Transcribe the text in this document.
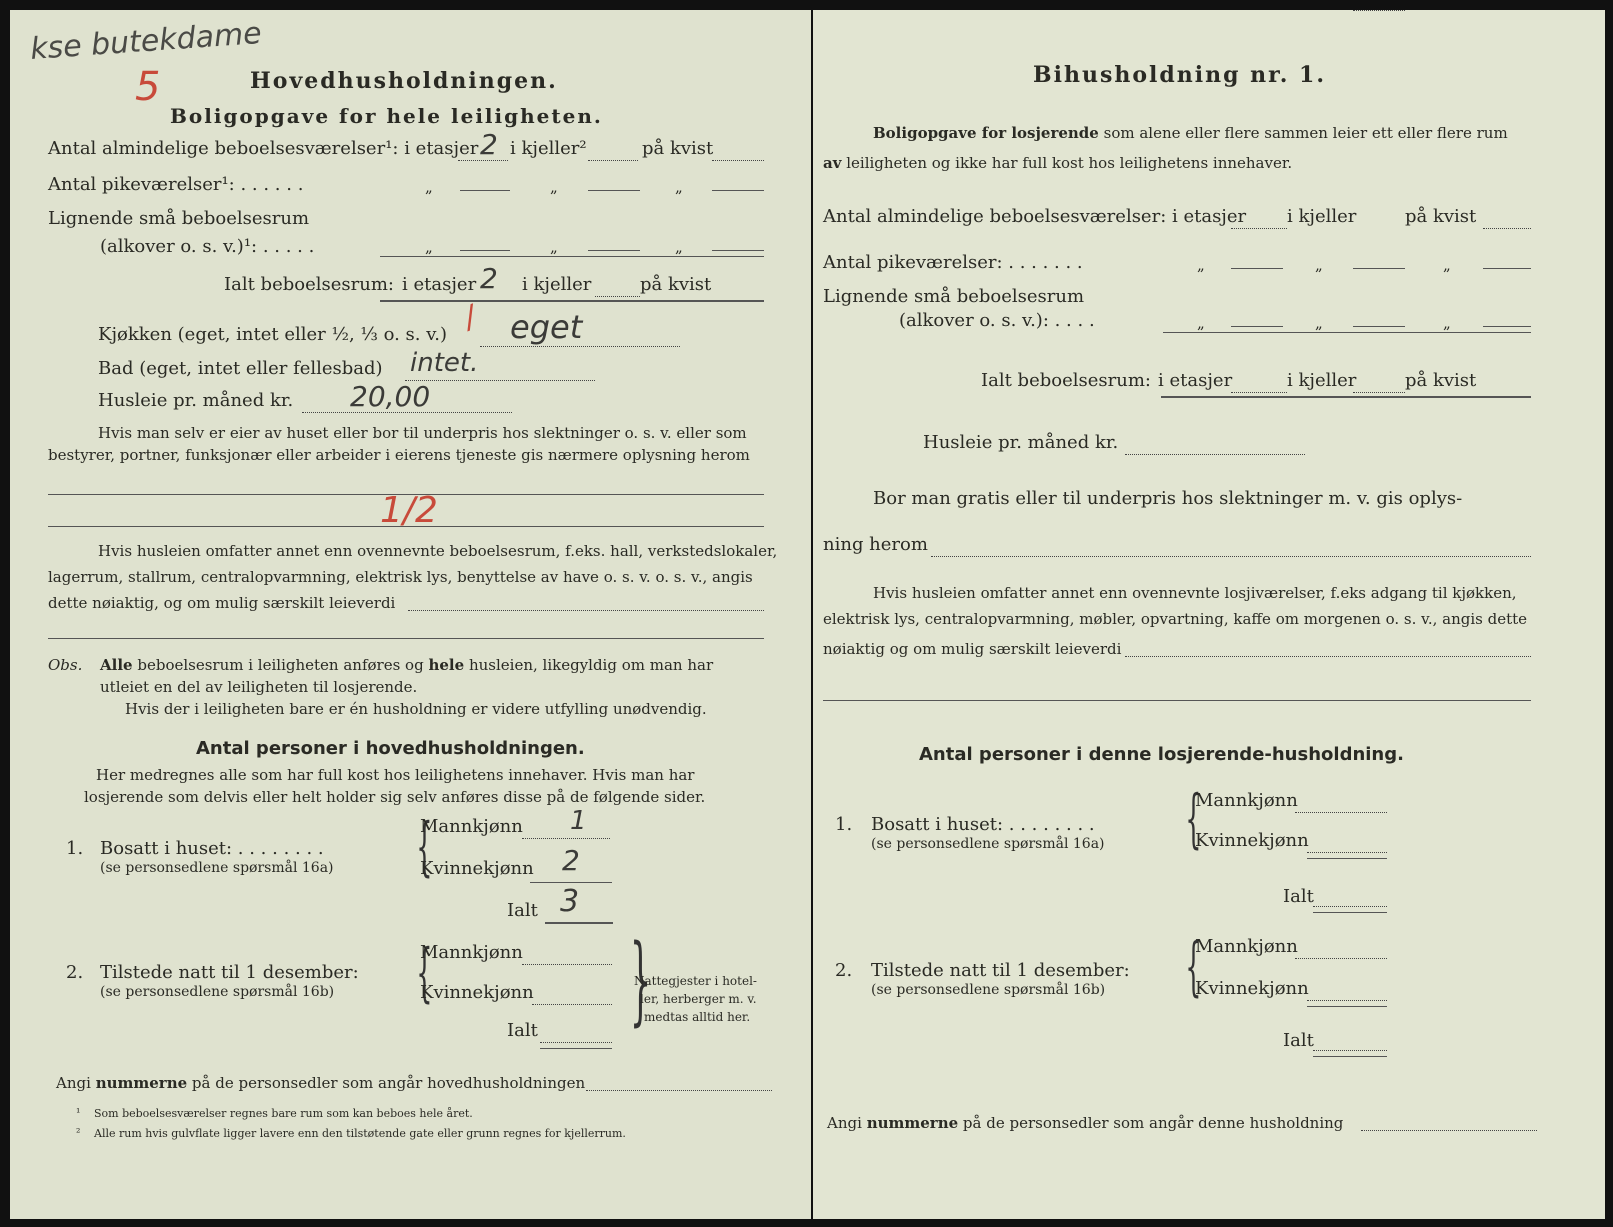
kse butekdame
5	Hovedhusholdningen.
Boligopgave for hele leiligheten.
Antal almindelige beboelsesværelser¹: i etasjer 2 i kjeller²	på kvist
Antal pikeværelser¹: . . . . . .	„	„	„
Lignende små beboelsesrum
(alkover o. s. v.)¹: . . . . .	„	„	„
Ialt beboelsesrum: i etasjer 2 i kjeller	på kvist
/
Kjøkken (eget, intet eller ½, ⅓ o. s. v.) eget
Bad (eget, intet eller fellesbad) intet.
Husleie pr. måned kr. 20,00
Hvis man selv er eier av huset eller bor til underpris hos slektninger o. s. v. eller som
bestyrer, portner, funksjonær eller arbeider i eierens tjeneste gis nærmere oplysning herom
1/2
Hvis husleien omfatter annet enn ovennevnte beboelsesrum, f.eks. hall, verkstedslokaler,
lagerrum, stallrum, centralopvarmning, elektrisk lys, benyttelse av have o. s. v. o. s. v., angis
dette nøiaktig, og om mulig særskilt leieverdi
Obs. Alle beboelsesrum i leiligheten anføres og hele husleien, likegyldig om man har
utleiet en del av leiligheten til losjerende.
Hvis der i leiligheten bare er én husholdning er videre utfylling unødvendig.
Antal personer i hovedhusholdningen.
Her medregnes alle som har full kost hos leilighetens innehaver. Hvis man har
losjerende som delvis eller helt holder sig selv anføres disse på de følgende sider.
1. Bosatt i huset: . . . . . . . .
(se personsedlene spørsmål 16a) {
Mannkjønn 1
Kvinnekjønn 2
Ialt 3
2. Tilstede natt til 1 desember:
(se personsedlene spørsmål 16b) {
Mannkjønn
Kvinnekjønn
Ialt }
Nattegjester i hotel-
ler, herberger m. v.
medtas alltid her.
Angi nummerne på de personsedler som angår hovedhusholdningen
¹ Som beboelsesværelser regnes bare rum som kan beboes hele året.
² Alle rum hvis gulvflate ligger lavere enn den tilstøtende gate eller grunn regnes for kjellerrum.
Bihusholdning nr. 1.
Boligopgave for losjerende som alene eller flere sammen leier ett eller flere rum
av leiligheten og ikke har full kost hos leilighetens innehaver.
Antal almindelige beboelsesværelser: i etasjer i kjeller	på kvist
Antal pikeværelser: . . . . . . .	„	„	„
Lignende små beboelsesrum
(alkover o. s. v.): . . . .	„	„	„
Ialt beboelsesrum: i etasjer	i kjeller	på kvist
Husleie pr. måned kr.
Bor man gratis eller til underpris hos slektninger m. v. gis oplys-
ning herom
Hvis husleien omfatter annet enn ovennevnte losjiværelser, f.eks adgang til kjøkken,
elektrisk lys, centralopvarmning, møbler, opvartning, kaffe om morgenen o. s. v., angis dette
nøiaktig og om mulig særskilt leieverdi
Antal personer i denne losjerende-husholdning.
1. Bosatt i huset: . . . . . . . .
(se personsedlene spørsmål 16a) {
Mannkjønn
Kvinnekjønn
Ialt
2. Tilstede natt til 1 desember:
(se personsedlene spørsmål 16b) {
Mannkjønn
Kvinnekjønn
Ialt
Angi nummerne på de personsedler som angår denne husholdning
